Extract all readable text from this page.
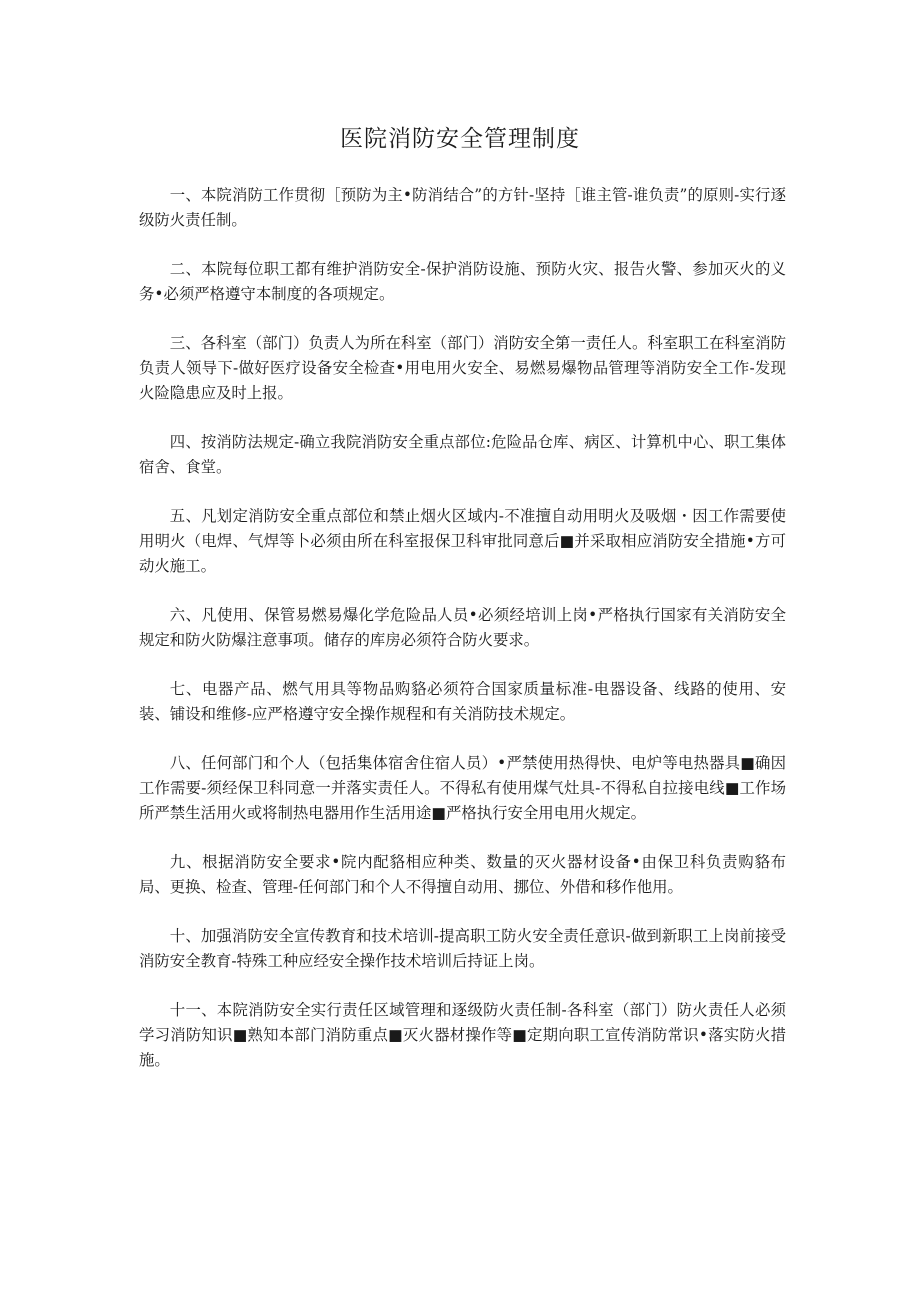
医院消防安全管理制度

一、本院消防工作贯彻［预防为主•防消结合”的方针-坚持［谁主管-谁负责”的原则-实行逐级防火责任制。

二、本院每位职工都有维护消防安全-保护消防设施、预防火灾、报告火警、参加灭火的义务•必须严格遵守本制度的各项规定。

三、各科室（部门）负责人为所在科室（部门）消防安全第一责任人。科室职工在科室消防负责人领导下-做好医疗设备安全检查•用电用火安全、易燃易爆物品管理等消防安全工作-发现火险隐患应及时上报。

四、按消防法规定-确立我院消防安全重点部位:危险品仓库、病区、计算机中心、职工集体宿舍、食堂。

五、凡划定消防安全重点部位和禁止烟火区域内-不准擅自动用明火及吸烟・因工作需要使用明火（电焊、气焊等卜必须由所在科室报保卫科审批同意后■并采取相应消防安全措施•方可动火施工。

六、凡使用、保管易燃易爆化学危险品人员•必须经培训上岗•严格执行国家有关消防安全规定和防火防爆注意事项。储存的库房必须符合防火要求。

七、电器产品、燃气用具等物品购貉必须符合国家质量标准-电器设备、线路的使用、安装、铺设和维修-应严格遵守安全操作规程和有关消防技术规定。

八、任何部门和个人（包括集体宿舍住宿人员）•严禁使用热得快、电炉等电热器具■确因工作需要-须经保卫科同意一并落实责任人。不得私有使用煤气灶具-不得私自拉接电线■工作场所严禁生活用火或将制热电器用作生活用途■严格执行安全用电用火规定。

九、根据消防安全要求•院内配貉相应种类、数量的灭火器材设备•由保卫科负责购貉布局、更换、检查、管理-任何部门和个人不得擅自动用、挪位、外借和移作他用。

十、加强消防安全宣传教育和技术培训-提高职工防火安全责任意识-做到新职工上岗前接受消防安全教育-特殊工种应经安全操作技术培训后持证上岗。

十一、本院消防安全实行责任区域管理和逐级防火责任制-各科室（部门）防火责任人必须学习消防知识■熟知本部门消防重点■灭火器材操作等■定期向职工宣传消防常识•落实防火措施。
